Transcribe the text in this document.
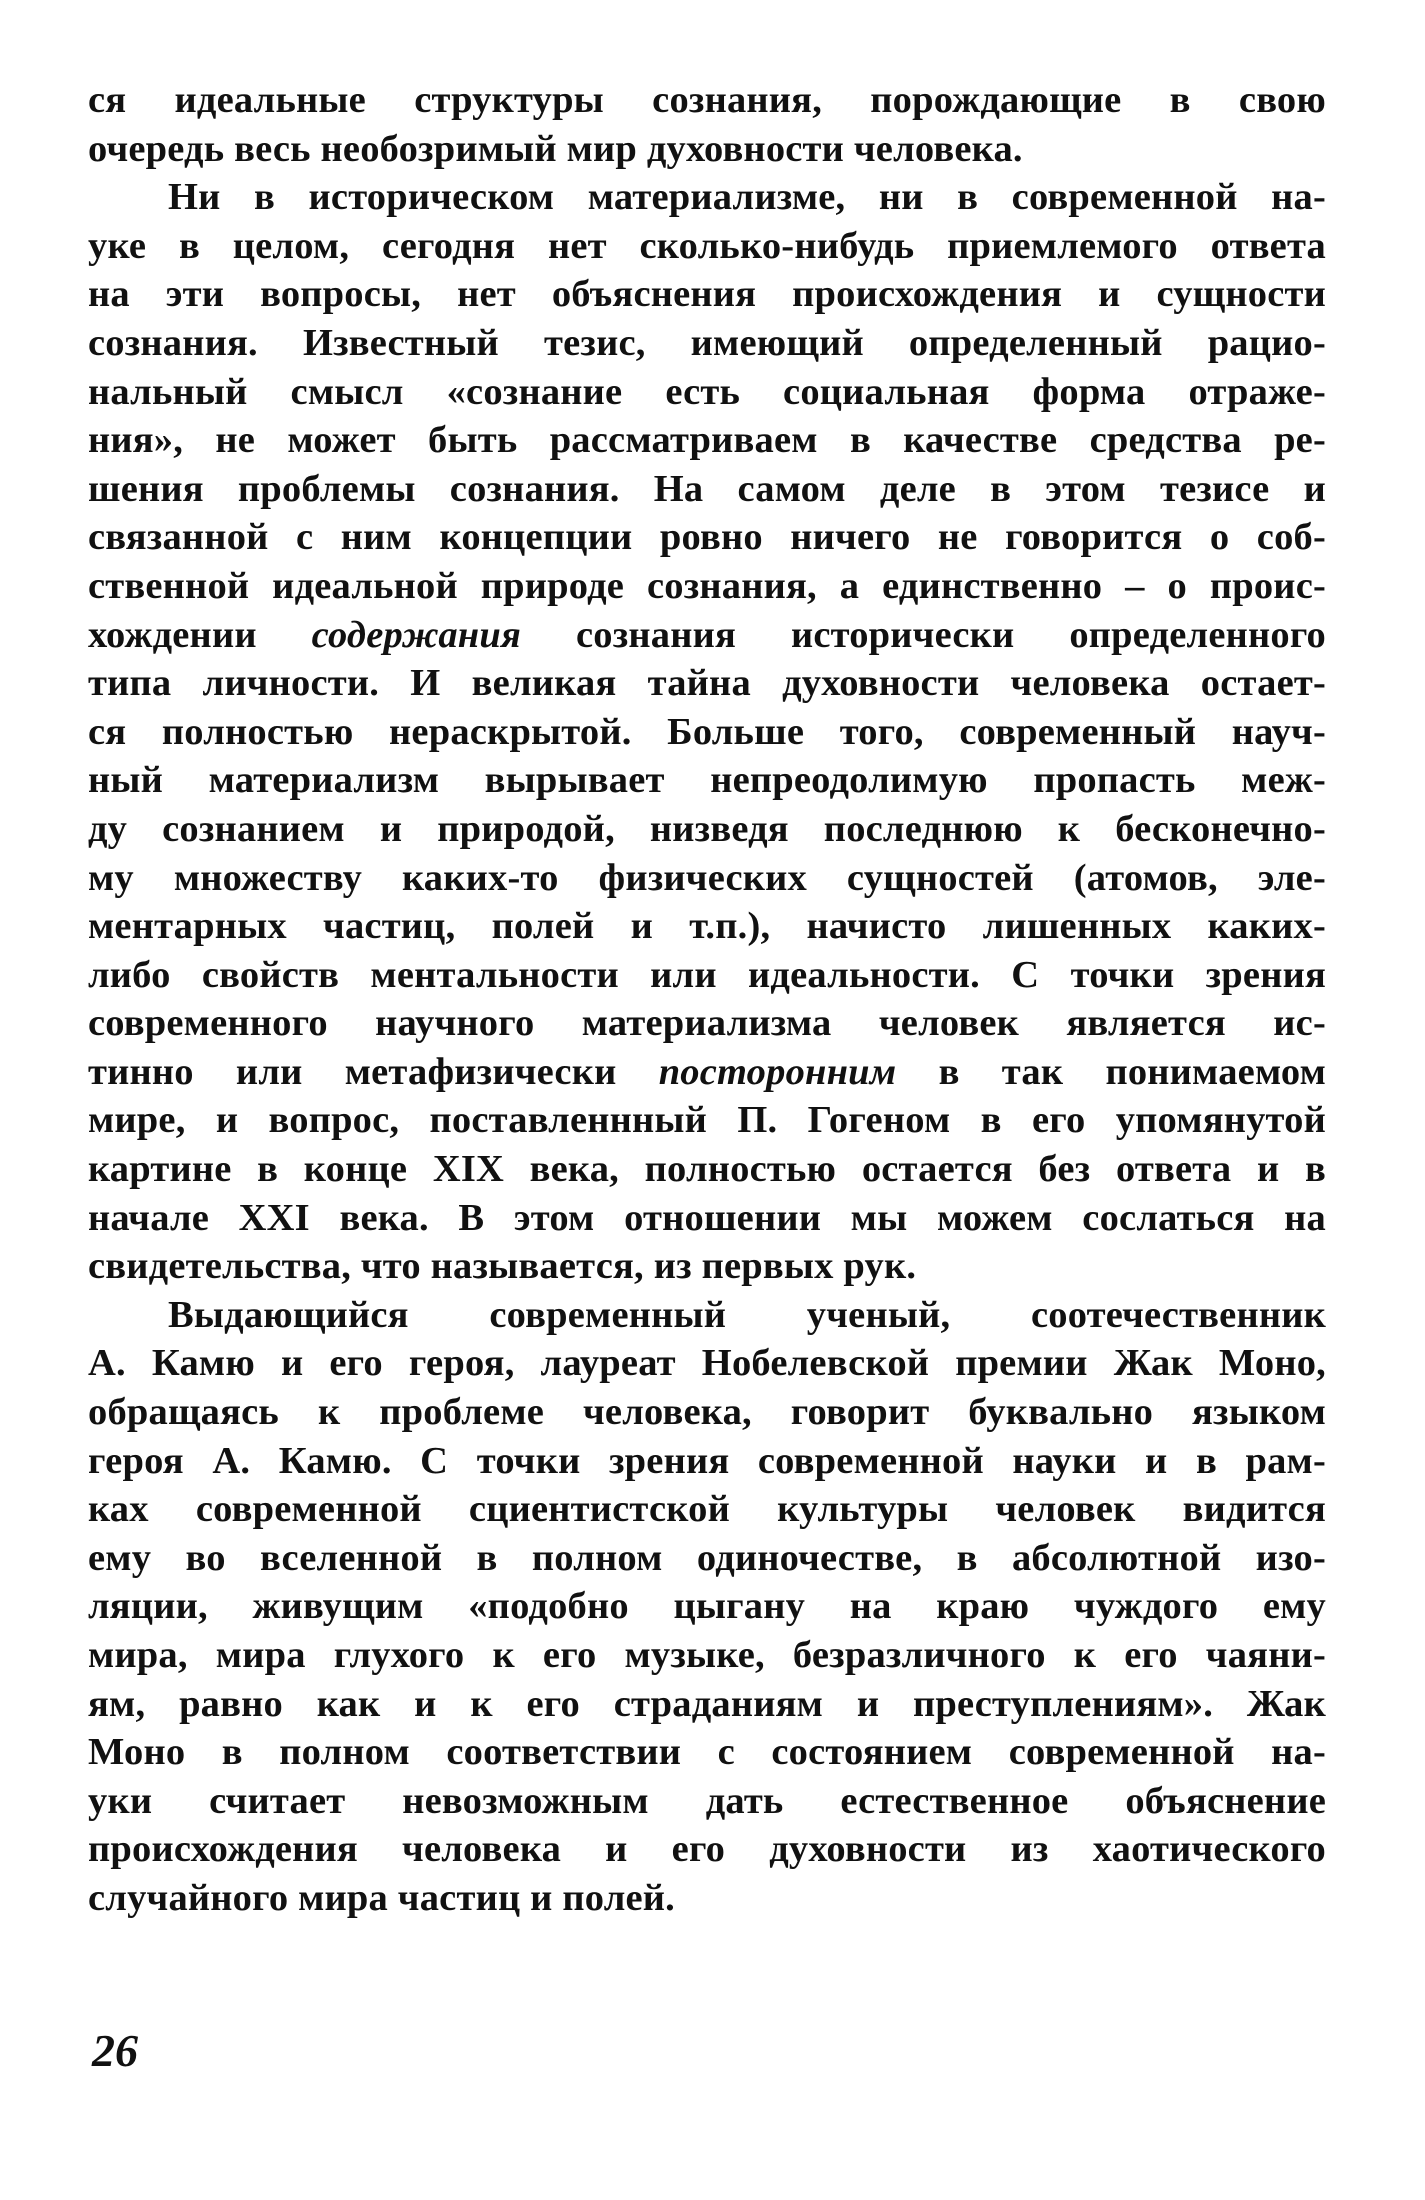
ся идеальные структуры сознания, порождающие в свою
очередь весь необозримый мир духовности человека.
Ни в историческом материализме, ни в современной на-
уке в целом, сегодня нет сколько-нибудь приемлемого ответа
на эти вопросы, нет объяснения происхождения и сущности
сознания. Известный тезис, имеющий определенный рацио-
нальный смысл «сознание есть социальная форма отраже-
ния», не может быть рассматриваем в качестве средства ре-
шения проблемы сознания. На самом деле в этом тезисе и
связанной с ним концепции ровно ничего не говорится о соб-
ственной идеальной природе сознания, а единственно – о проис-
хождении содержания сознания исторически определенного
типа личности. И великая тайна духовности человека остает-
ся полностью нераскрытой. Больше того, современный науч-
ный материализм вырывает непреодолимую пропасть меж-
ду сознанием и природой, низведя последнюю к бесконечно-
му множеству каких-то физических сущностей (атомов, эле-
ментарных частиц, полей и т.п.), начисто лишенных каких-
либо свойств ментальности или идеальности. С точки зрения
современного научного материализма человек является ис-
тинно или метафизически посторонним в так понимаемом
мире, и вопрос, поставленнный П. Гогеном в его упомянутой
картине в конце XIX века, полностью остается без ответа и в
начале XXI века. В этом отношении мы можем сослаться на
свидетельства, что называется, из первых рук.
Выдающийся современный ученый, соотечественник
А. Камю и его героя, лауреат Нобелевской премии Жак Моно,
обращаясь к проблеме человека, говорит буквально языком
героя А. Камю. С точки зрения современной науки и в рам-
ках современной сциентистской культуры человек видится
ему во вселенной в полном одиночестве, в абсолютной изо-
ляции, живущим «подобно цыгану на краю чуждого ему
мира, мира глухого к его музыке, безразличного к его чаяни-
ям, равно как и к его страданиям и преступлениям». Жак
Моно в полном соответствии с состоянием современной на-
уки считает невозможным дать естественное объяснение
происхождения человека и его духовности из хаотического
случайного мира частиц и полей.
26
